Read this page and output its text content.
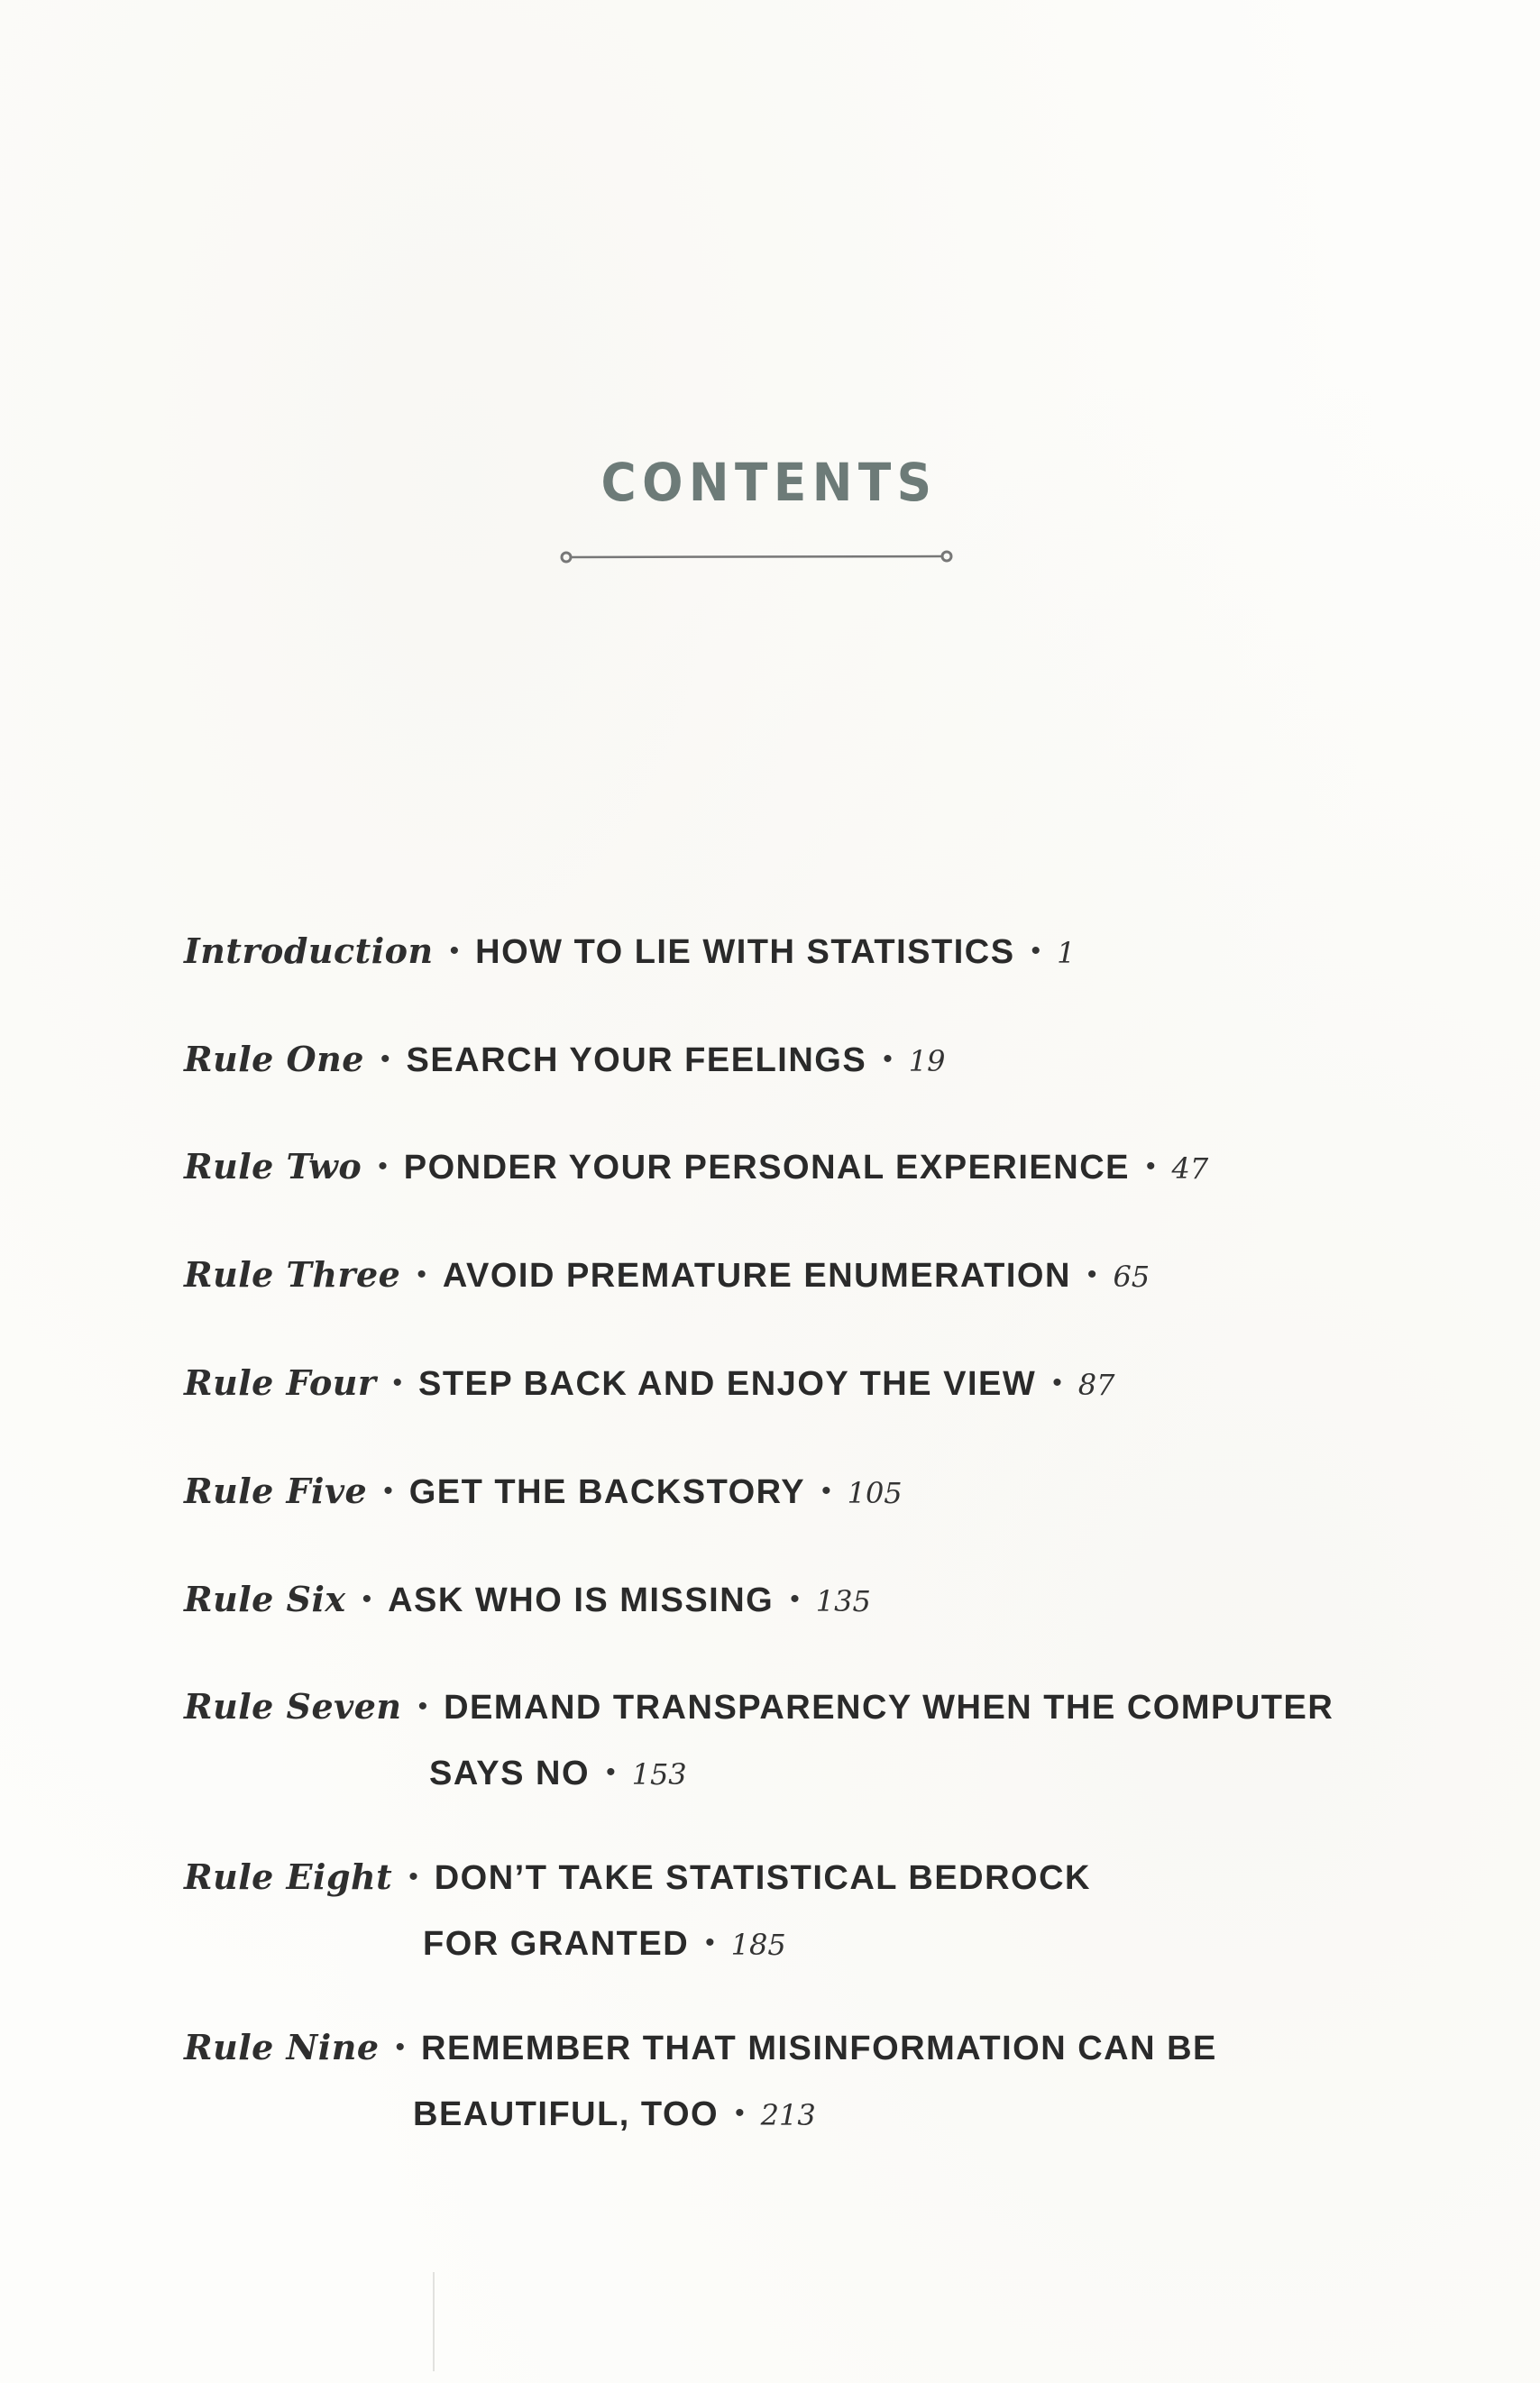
CONTENTS
Introduction • HOW TO LIE WITH STATISTICS • 1
Rule One • SEARCH YOUR FEELINGS • 19
Rule Two • PONDER YOUR PERSONAL EXPERIENCE • 47
Rule Three • AVOID PREMATURE ENUMERATION • 65
Rule Four • STEP BACK AND ENJOY THE VIEW • 87
Rule Five • GET THE BACKSTORY • 105
Rule Six • ASK WHO IS MISSING • 135
Rule Seven • DEMAND TRANSPARENCY WHEN THE COMPUTER
SAYS NO • 153
Rule Eight • DON’T TAKE STATISTICAL BEDROCK
FOR GRANTED • 185
Rule Nine • REMEMBER THAT MISINFORMATION CAN BE
BEAUTIFUL, TOO • 213
